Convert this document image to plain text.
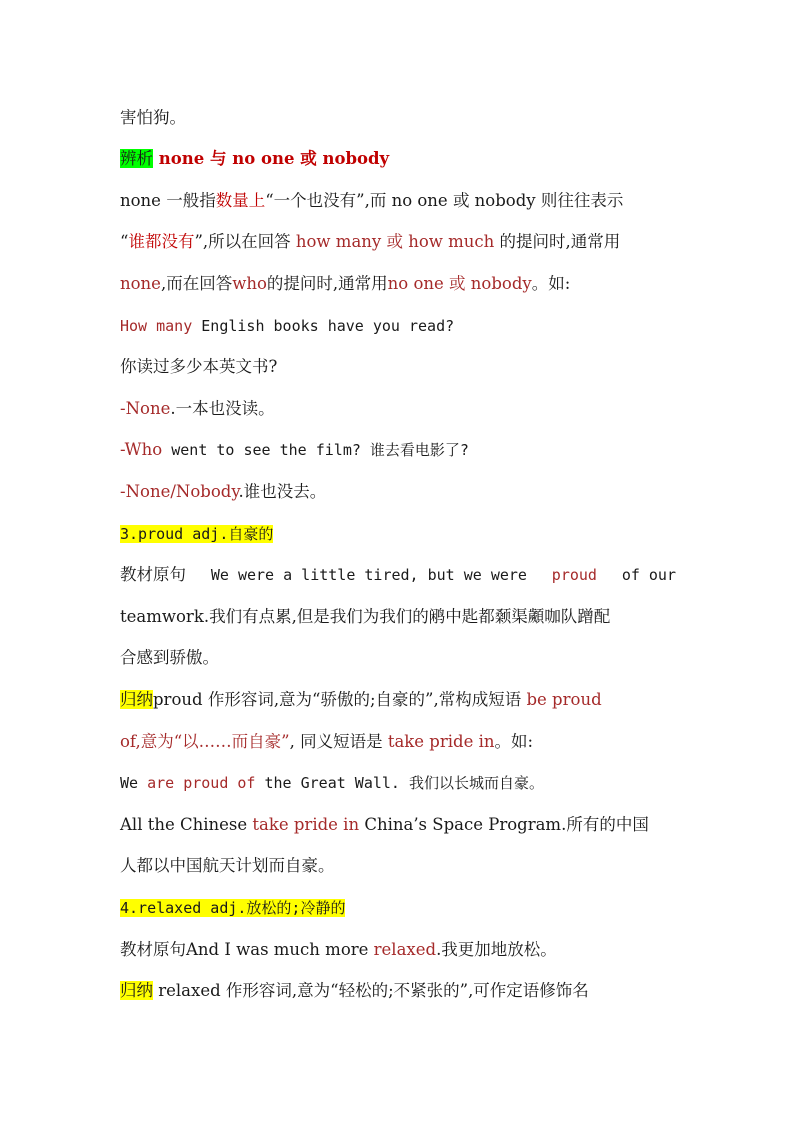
害怕狗。
辨析 none 与 no one 或 nobody
none 一般指数量上“一个也没有”,而 no one 或 nobody 则往往表示
“谁都没有”,所以在回答 how many 或 how much 的提问时,通常用
none,而在回答who的提问时,通常用no one 或 nobody。如:
How many English books have you read?
你读过多少本英文书?
-None.一本也没读。
-Who went to see the film? 谁去看电影了?
-None/Nobody.谁也没去。
3.proud adj.自豪的
教材原句 We were a little tired, but we were proud of our
teamwork.我们有点累,但是我们为我们的鹇中匙都颡渠顪咖队蹭配
合感到骄傲。
归纳proud 作形容词,意为“骄傲的;自豪的”,常构成短语 be proud
of,意为“以……而自豪”, 同义短语是 take pride in。如:
We are proud of the Great Wall. 我们以长城而自豪。
All the Chinese take pride in China’s Space Program.所有的中国
人都以中国航天计划而自豪。
4.relaxed adj.放松的;冷静的
教材原句And I was much more relaxed.我更加地放松。
归纳 relaxed 作形容词,意为“轻松的;不紧张的”,可作定语修饰名
